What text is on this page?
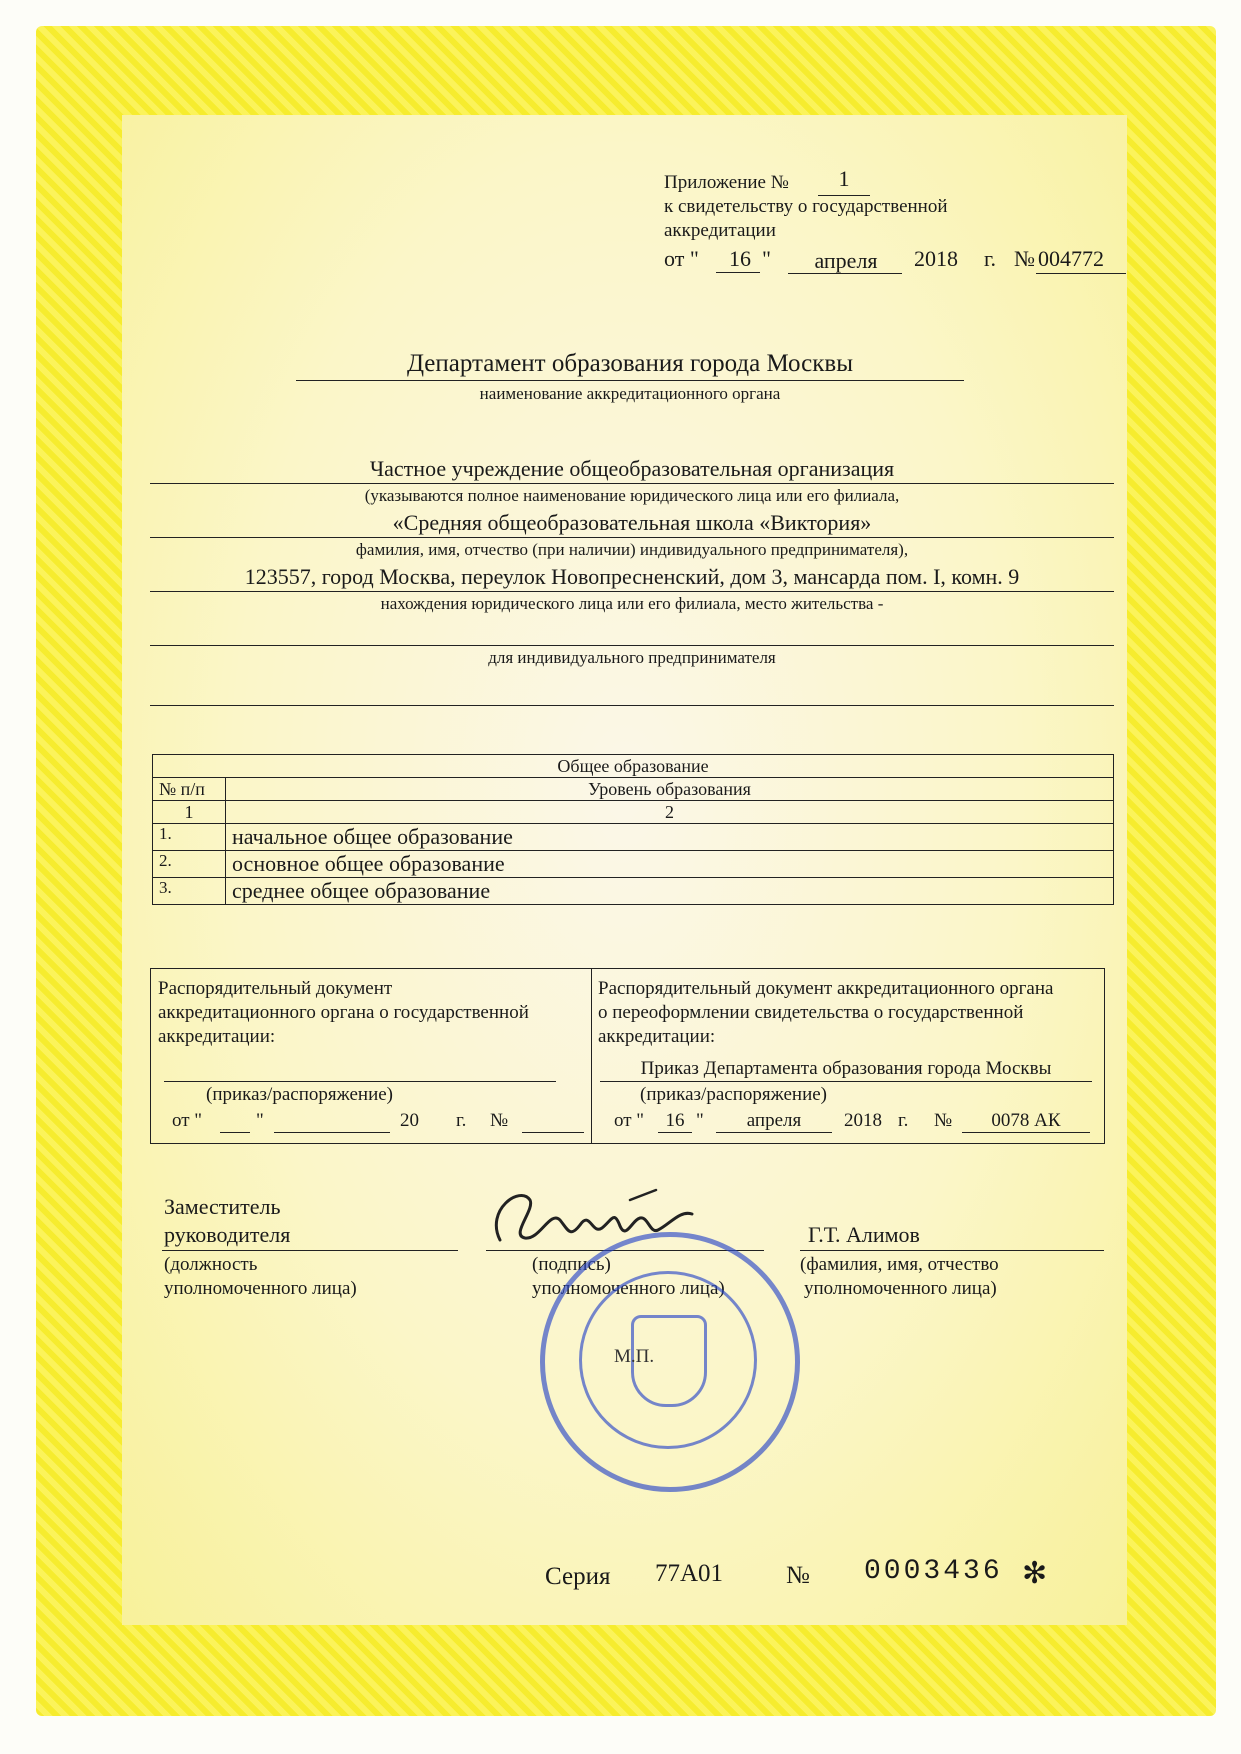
Приложение №	1
к свидетельству о государственной
аккредитации
от "	16 "	апреля	2018 г. № 004772
Департамент образования города Москвы
наименование аккредитационного органа
Частное учреждение общеобразовательная организация
(указываются полное наименование юридического лица или его филиала,
«Средняя общеобразовательная школа «Виктория»
фамилия, имя, отчество (при наличии) индивидуального предпринимателя),
123557, город Москва, переулок Новопресненский, дом 3, мансарда пом. I, комн. 9
нахождения юридического лица или его филиала, место жительства -
для индивидуального предпринимателя
Общее образование	
№ п/п	Уровень образования
1	2
1.	начальное общее образование
2.	основное общее образование
3.	среднее общее образование
Распорядительный документ
аккредитационного органа о государственной
аккредитации:
(приказ/распоряжение)
от "	"	20 г. №
Распорядительный документ аккредитационного органа
о переоформлении свидетельства о государственной
аккредитации:
Приказ Департамента образования города Москвы
(приказ/распоряжение)
от " 16 "	апреля	2018 г. №	0078 АК
Заместитель
руководителя
(должность
уполномоченного лица)
(подпись)
уполномоченного лица)
Г.Т. Алимов
(фамилия, имя, отчество
уполномоченного лица)
М.П.
Серия 77А01	№ 0003436 ✻
